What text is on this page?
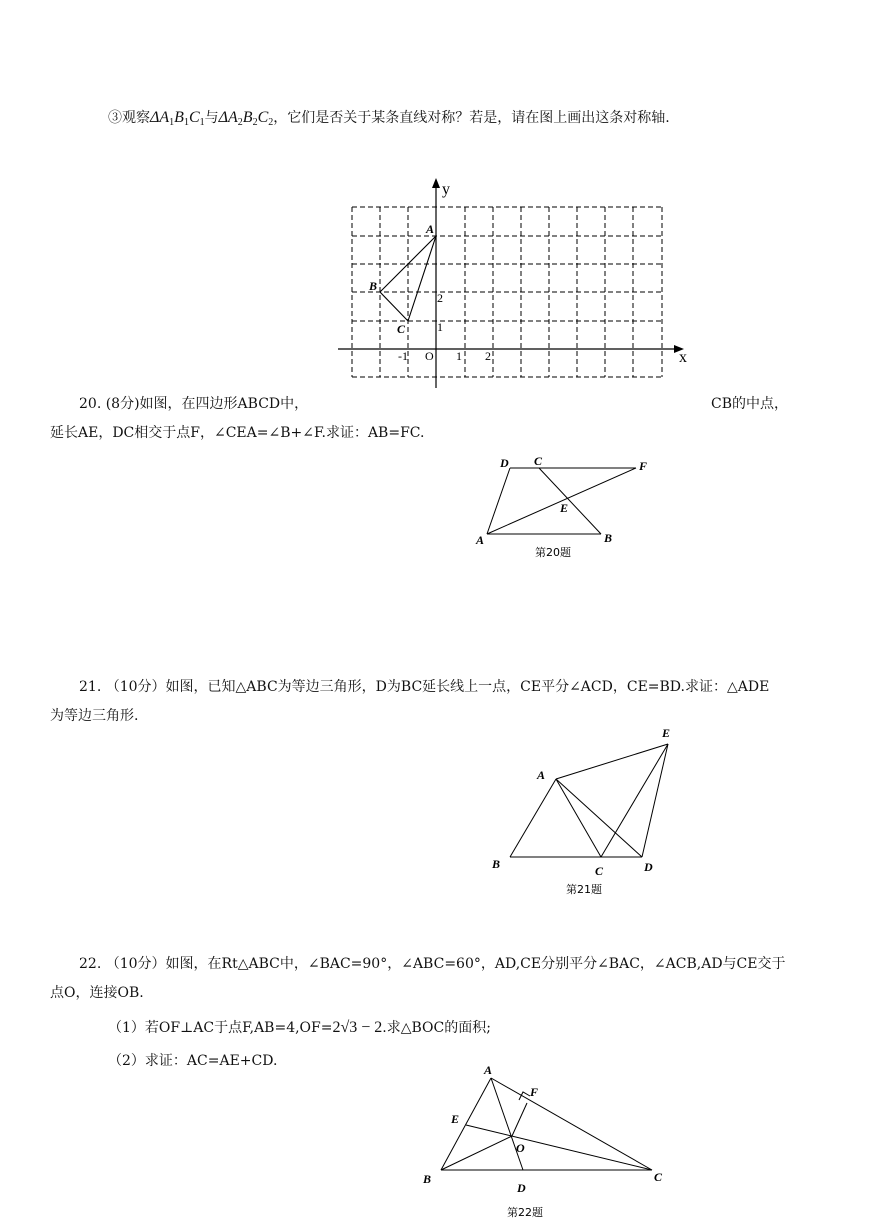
③观察$\Delta A_1B_1C_1$与$\Delta A_2B_2C_2$，它们是否关于某条直线对称？若是，请在图上画出这条对称轴.
y
x
O
-1	1 2
1
2
A
B
C
20. (8分)如图，在四边形ABCD中，	CB的中点，
延长AE，DC相交于点F，∠CEA=∠B+∠F.求证：AB=FC.
D C	F
E
A	B
第20题
21. （10分）如图，已知△ABC为等边三角形，D为BC延长线上一点，CE平分∠ACD，CE=BD.求证：△ADE
为等边三角形.
E
A
B	C	D
第21题
22. （10分）如图，在Rt△ABC中，∠BAC=90°，∠ABC=60°，AD,CE分别平分∠BAC，∠ACB,AD与CE交于
点O，连接OB.
（1）若OF⊥AC于点F,AB=4,OF=2√3 − 2.求△BOC的面积;
（2）求证：AC=AE+CD.
A
F
E
O
B
D
C
第22题
